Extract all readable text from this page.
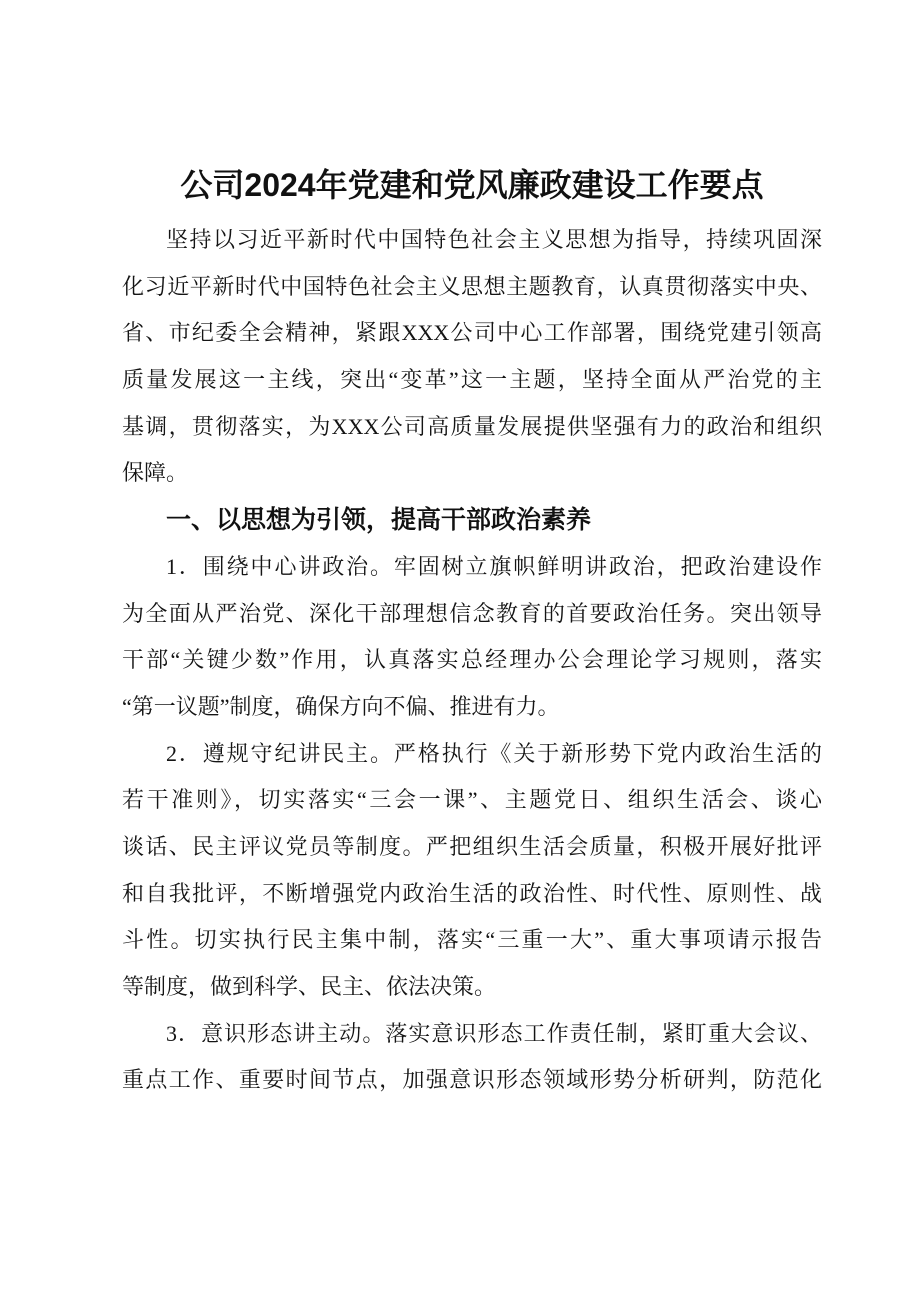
公司2024年党建和党风廉政建设工作要点
坚持以习近平新时代中国特色社会主义思想为指导，持续巩固深
化习近平新时代中国特色社会主义思想主题教育，认真贯彻落实中央、
省、市纪委全会精神，紧跟XXX公司中心工作部署，围绕党建引领高
质量发展这一主线，突出“变革”这一主题，坚持全面从严治党的主
基调，贯彻落实，为XXX公司高质量发展提供坚强有力的政治和组织
保障。
一、以思想为引领，提高干部政治素养
1．围绕中心讲政治。牢固树立旗帜鲜明讲政治，把政治建设作
为全面从严治党、深化干部理想信念教育的首要政治任务。突出领导
干部“关键少数”作用，认真落实总经理办公会理论学习规则，落实
“第一议题”制度，确保方向不偏、推进有力。
2．遵规守纪讲民主。严格执行《关于新形势下党内政治生活的
若干准则》，切实落实“三会一课”、主题党日、组织生活会、谈心
谈话、民主评议党员等制度。严把组织生活会质量，积极开展好批评
和自我批评，不断增强党内政治生活的政治性、时代性、原则性、战
斗性。切实执行民主集中制，落实“三重一大”、重大事项请示报告
等制度，做到科学、民主、依法决策。
3．意识形态讲主动。落实意识形态工作责任制，紧盯重大会议、
重点工作、重要时间节点，加强意识形态领域形势分析研判，防范化
